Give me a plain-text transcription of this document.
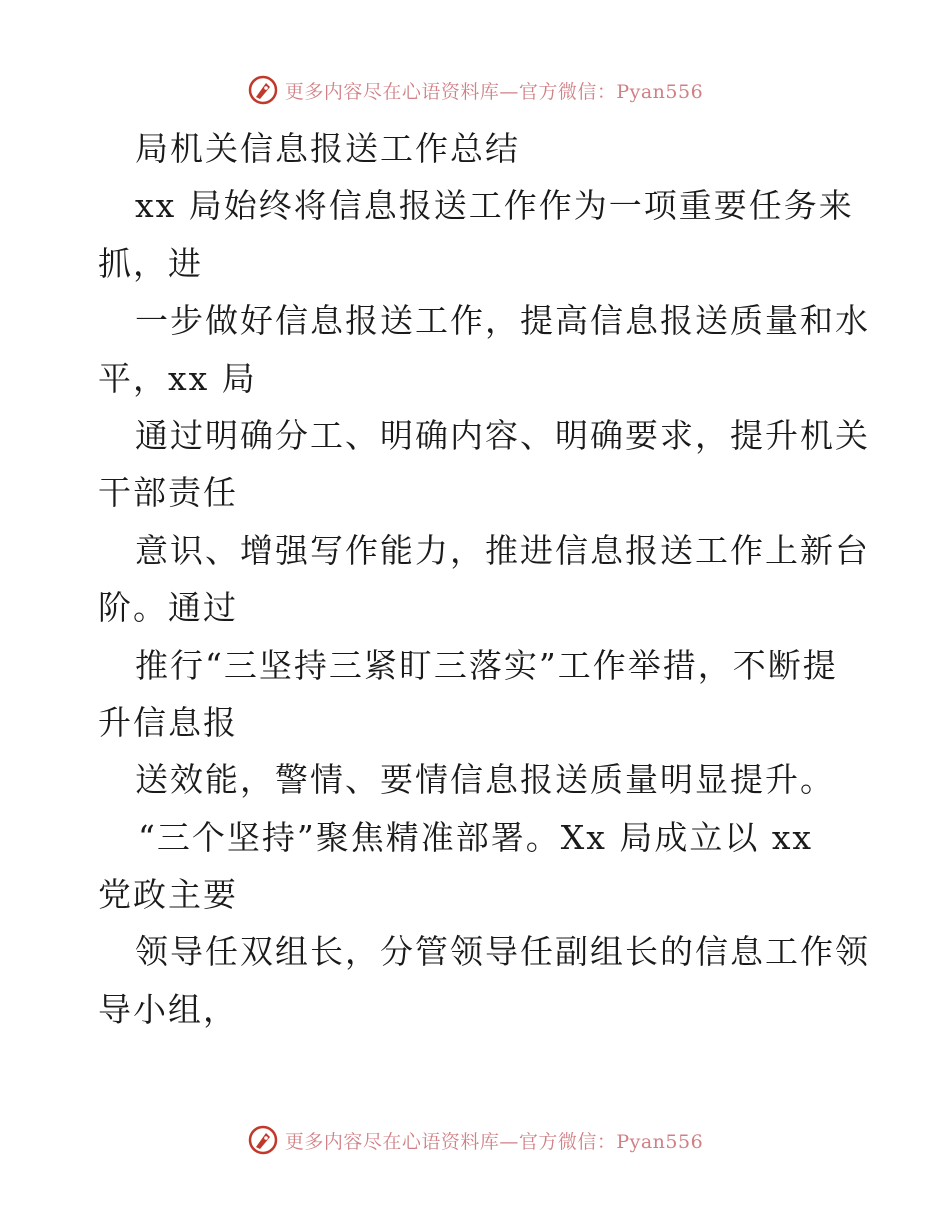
更多内容尽在心语资料库—官方微信：Pyan556
局机关信息报送工作总结
xx 局始终将信息报送工作作为一项重要任务来
抓，进
一步做好信息报送工作，提高信息报送质量和水
平，xx 局
通过明确分工、明确内容、明确要求，提升机关
干部责任
意识、增强写作能力，推进信息报送工作上新台
阶。通过
推行“三坚持三紧盯三落实”工作举措，不断提
升信息报
送效能，警情、要情信息报送质量明显提升。
“三个坚持”聚焦精准部署。Xx 局成立以 xx
党政主要
领导任双组长，分管领导任副组长的信息工作领
导小组，
更多内容尽在心语资料库—官方微信：Pyan556
